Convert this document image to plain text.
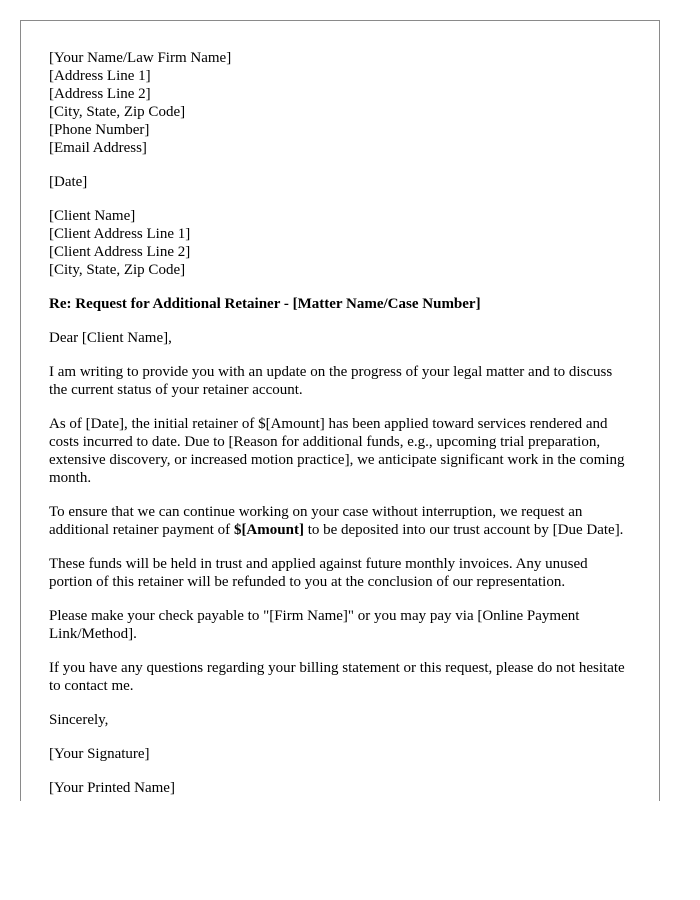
[Your Name/Law Firm Name]
[Address Line 1]
[Address Line 2]
[City, State, Zip Code]
[Phone Number]
[Email Address]
[Date]
[Client Name]
[Client Address Line 1]
[Client Address Line 2]
[City, State, Zip Code]

Re: Request for Additional Retainer - [Matter Name/Case Number]

Dear [Client Name],

I am writing to provide you with an update on the progress of your legal matter and to discuss the current status of your retainer account.

As of [Date], the initial retainer of $[Amount] has been applied toward services rendered and costs incurred to date. Due to [Reason for additional funds, e.g., upcoming trial preparation, extensive discovery, or increased motion practice], we anticipate significant work in the coming month.

To ensure that we can continue working on your case without interruption, we request an additional retainer payment of $[Amount] to be deposited into our trust account by [Due Date].

These funds will be held in trust and applied against future monthly invoices. Any unused portion of this retainer will be refunded to you at the conclusion of our representation.

Please make your check payable to "[Firm Name]" or you may pay via [Online Payment Link/Method].

If you have any questions regarding your billing statement or this request, please do not hesitate to contact me.

Sincerely,

[Your Signature]

[Your Printed Name]
